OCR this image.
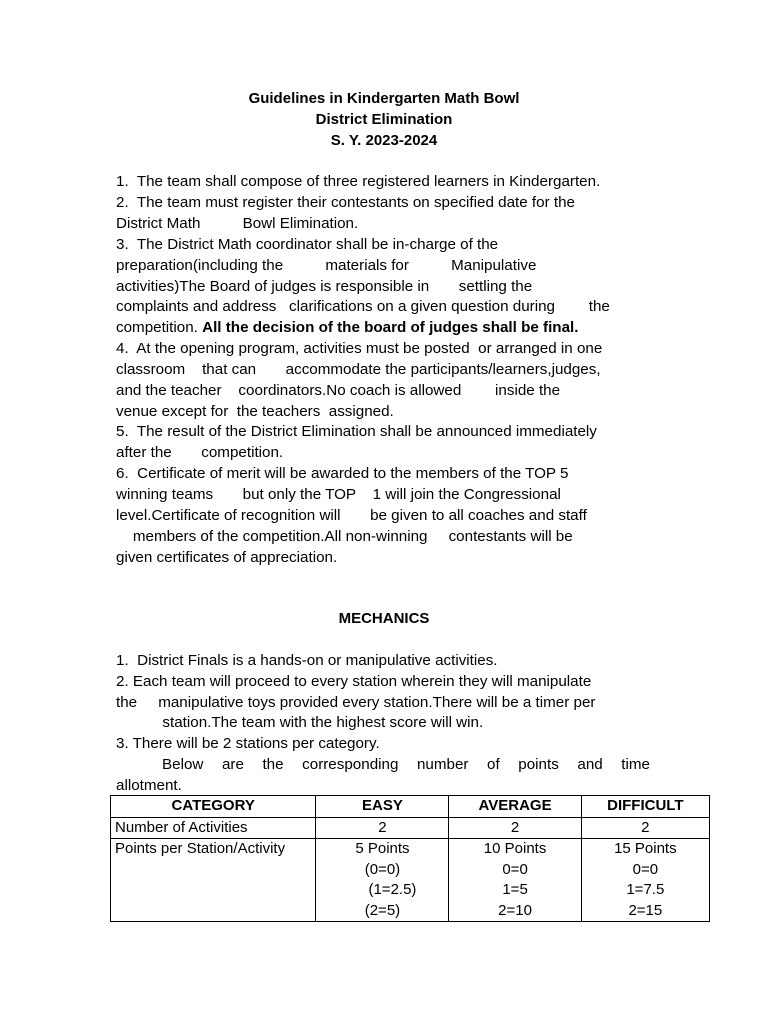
Guidelines in Kindergarten Math Bowl
District Elimination
S. Y. 2023-2024
1.  The team shall compose of three registered learners in Kindergarten.
2.  The team must register their contestants on specified date for the
District Math          Bowl Elimination.
3.  The District Math coordinator shall be in-charge of the
preparation(including the          materials for          Manipulative
activities)The Board of judges is responsible in       settling the
complaints and address   clarifications on a given question during        the
competition. All the decision of the board of judges shall be final.
4.  At the opening program, activities must be posted  or arranged in one
classroom    that can       accommodate the participants/learners,judges,
and the teacher    coordinators.No coach is allowed        inside the
venue except for  the teachers  assigned.
5.  The result of the District Elimination shall be announced immediately
after the       competition.
6.  Certificate of merit will be awarded to the members of the TOP 5
winning teams       but only the TOP    1 will join the Congressional
level.Certificate of recognition will       be given to all coaches and staff
members of the competition.All non-winning     contestants will be
given certificates of appreciation.
MECHANICS
1.  District Finals is a hands-on or manipulative activities.
2. Each team will proceed to every station wherein they will manipulate
the     manipulative toys provided every station.There will be a timer per
station.The team with the highest score will win.
3. There will be 2 stations per category.
Below are the corresponding number of points and time
allotment.
CATEGORY	EASY	AVERAGE	DIFFICULT
Number of Activities	2	2	2
Points per Station/Activity	5 Points
(0=0)
(1=2.5)
(2=5)	10 Points
0=0
1=5
2=10	15 Points
0=0
1=7.5
2=15
